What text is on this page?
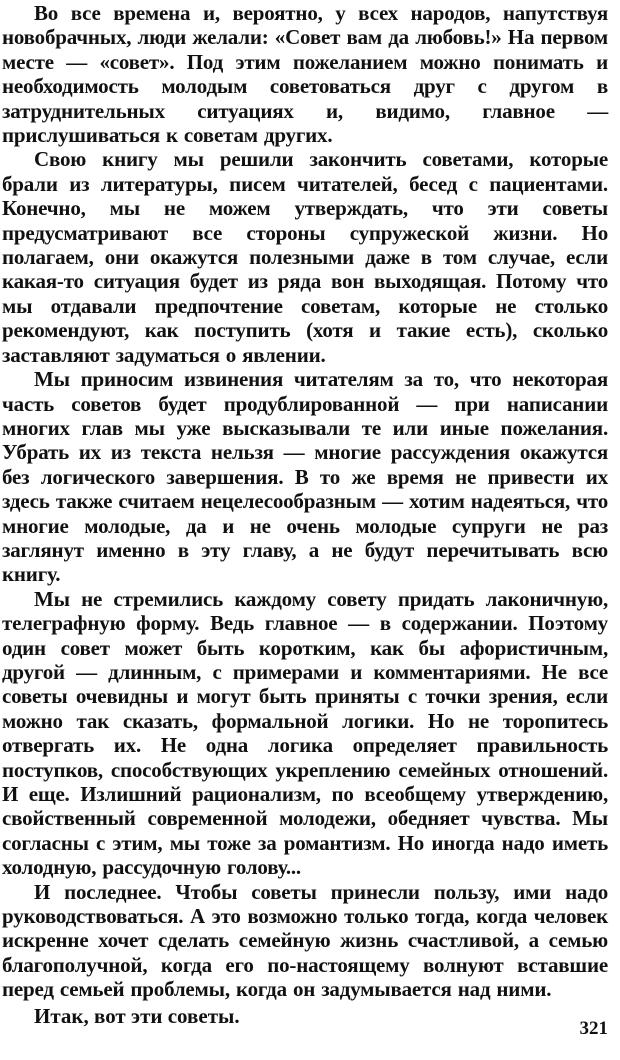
Во все времена и, вероятно, у всех народов, напутствуя новобрачных, люди желали: «Совет вам да любовь!» На первом месте — «совет». Под этим пожеланием можно понимать и необходимость молодым советоваться друг с другом в затруднительных ситуациях и, видимо, главное — прислушиваться к советам других.

Свою книгу мы решили закончить советами, которые брали из литературы, писем читателей, бесед с пациентами. Конечно, мы не можем утверждать, что эти советы предусматривают все стороны супружеской жизни. Но полагаем, они окажутся полезными даже в том случае, если какая-то ситуация будет из ряда вон выходящая. Потому что мы отдавали предпочтение советам, которые не столько рекомендуют, как поступить (хотя и такие есть), сколько заставляют задуматься о явлении.

Мы приносим извинения читателям за то, что некоторая часть советов будет продублированной — при написании многих глав мы уже высказывали те или иные пожелания. Убрать их из текста нельзя — многие рассуждения окажутся без логического завершения. В то же время не привести их здесь также считаем нецелесообразным — хотим надеяться, что многие молодые, да и не очень молодые супруги не раз заглянут именно в эту главу, а не будут перечитывать всю книгу.

Мы не стремились каждому совету придать лаконичную, телеграфную форму. Ведь главное — в содержании. Поэтому один совет может быть коротким, как бы афористичным, другой — длинным, с примерами и комментариями. Не все советы очевидны и могут быть приняты с точки зрения, если можно так сказать, формальной логики. Но не торопитесь отвергать их. Не одна логика определяет правильность поступков, способствующих укреплению семейных отношений. И еще. Излишний рационализм, по всеобщему утверждению, свойственный современной молодежи, обедняет чувства. Мы согласны с этим, мы тоже за романтизм. Но иногда надо иметь холодную, рассудочную голову...

И последнее. Чтобы советы принесли пользу, ими надо руководствоваться. А это возможно только тогда, когда человек искренне хочет сделать семейную жизнь счастливой, а семью благополучной, когда его по-настоящему волнуют вставшие перед семьей проблемы, когда он задумывается над ними.

Итак, вот эти советы.

321
